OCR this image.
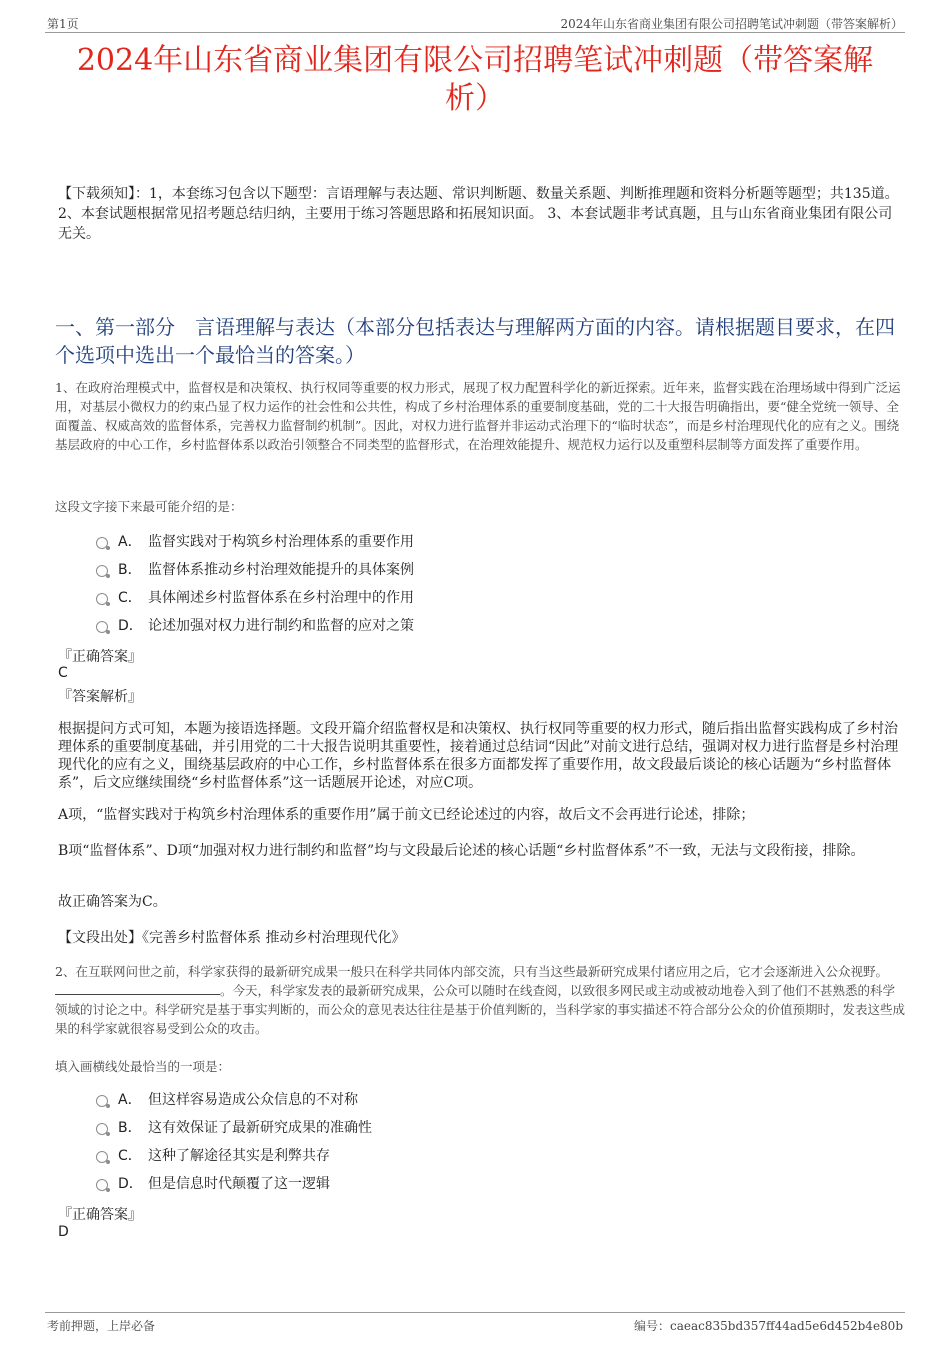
第1页	2024年山东省商业集团有限公司招聘笔试冲刺题（带答案解析）
2024年山东省商业集团有限公司招聘笔试冲刺题（带答案解析）
【下载须知】：1，本套练习包含以下题型：言语理解与表达题、常识判断题、数量关系题、判断推理题和资料分析题等题型；共135道。 2、本套试题根据常见招考题总结归纳，主要用于练习答题思路和拓展知识面。 3、本套试题非考试真题，且与山东省商业集团有限公司无关。
一、第一部分　言语理解与表达（本部分包括表达与理解两方面的内容。请根据题目要求，在四个选项中选出一个最恰当的答案。）
1、在政府治理模式中，监督权是和决策权、执行权同等重要的权力形式，展现了权力配置科学化的新近探索。近年来，监督实践在治理场域中得到广泛运用，对基层小微权力的约束凸显了权力运作的社会性和公共性，构成了乡村治理体系的重要制度基础，党的二十大报告明确指出，要“健全党统一领导、全面覆盖、权威高效的监督体系，完善权力监督制约机制”。因此，对权力进行监督并非运动式治理下的“临时状态”，而是乡村治理现代化的应有之义。围绕基层政府的中心工作，乡村监督体系以政治引领整合不同类型的监督形式，在治理效能提升、规范权力运行以及重塑科层制等方面发挥了重要作用。
这段文字接下来最可能介绍的是：
A． 监督实践对于构筑乡村治理体系的重要作用
B． 监督体系推动乡村治理效能提升的具体案例
C． 具体阐述乡村监督体系在乡村治理中的作用
D． 论述加强对权力进行制约和监督的应对之策
『正确答案』
C
『答案解析』
根据提问方式可知，本题为接语选择题。文段开篇介绍监督权是和决策权、执行权同等重要的权力形式，随后指出监督实践构成了乡村治理体系的重要制度基础，并引用党的二十大报告说明其重要性，接着通过总结词“因此”对前文进行总结，强调对权力进行监督是乡村治理现代化的应有之义，围绕基层政府的中心工作，乡村监督体系在很多方面都发挥了重要作用，故文段最后谈论的核心话题为“乡村监督体系”，后文应继续围绕“乡村监督体系”这一话题展开论述，对应C项。
A项，“监督实践对于构筑乡村治理体系的重要作用”属于前文已经论述过的内容，故后文不会再进行论述，排除；
B项“监督体系”、D项“加强对权力进行制约和监督”均与文段最后论述的核心话题“乡村监督体系”不一致，无法与文段衔接，排除。
故正确答案为C。
【文段出处】《完善乡村监督体系 推动乡村治理现代化》
2、在互联网问世之前，科学家获得的最新研究成果一般只在科学共同体内部交流，只有当这些最新研究成果付诸应用之后，它才会逐渐进入公众视野。。今天，科学家发表的最新研究成果，公众可以随时在线查阅，以致很多网民或主动或被动地卷入到了他们不甚熟悉的科学领域的讨论之中。科学研究是基于事实判断的，而公众的意见表达往往是基于价值判断的，当科学家的事实描述不符合部分公众的价值预期时，发表这些成果的科学家就很容易受到公众的攻击。
填入画横线处最恰当的一项是：
A． 但这样容易造成公众信息的不对称
B． 这有效保证了最新研究成果的准确性
C． 这种了解途径其实是利弊共存
D． 但是信息时代颠覆了这一逻辑
『正确答案』
D
考前押题，上岸必备	编号：caeac835bd357ff44ad5e6d452b4e80b
